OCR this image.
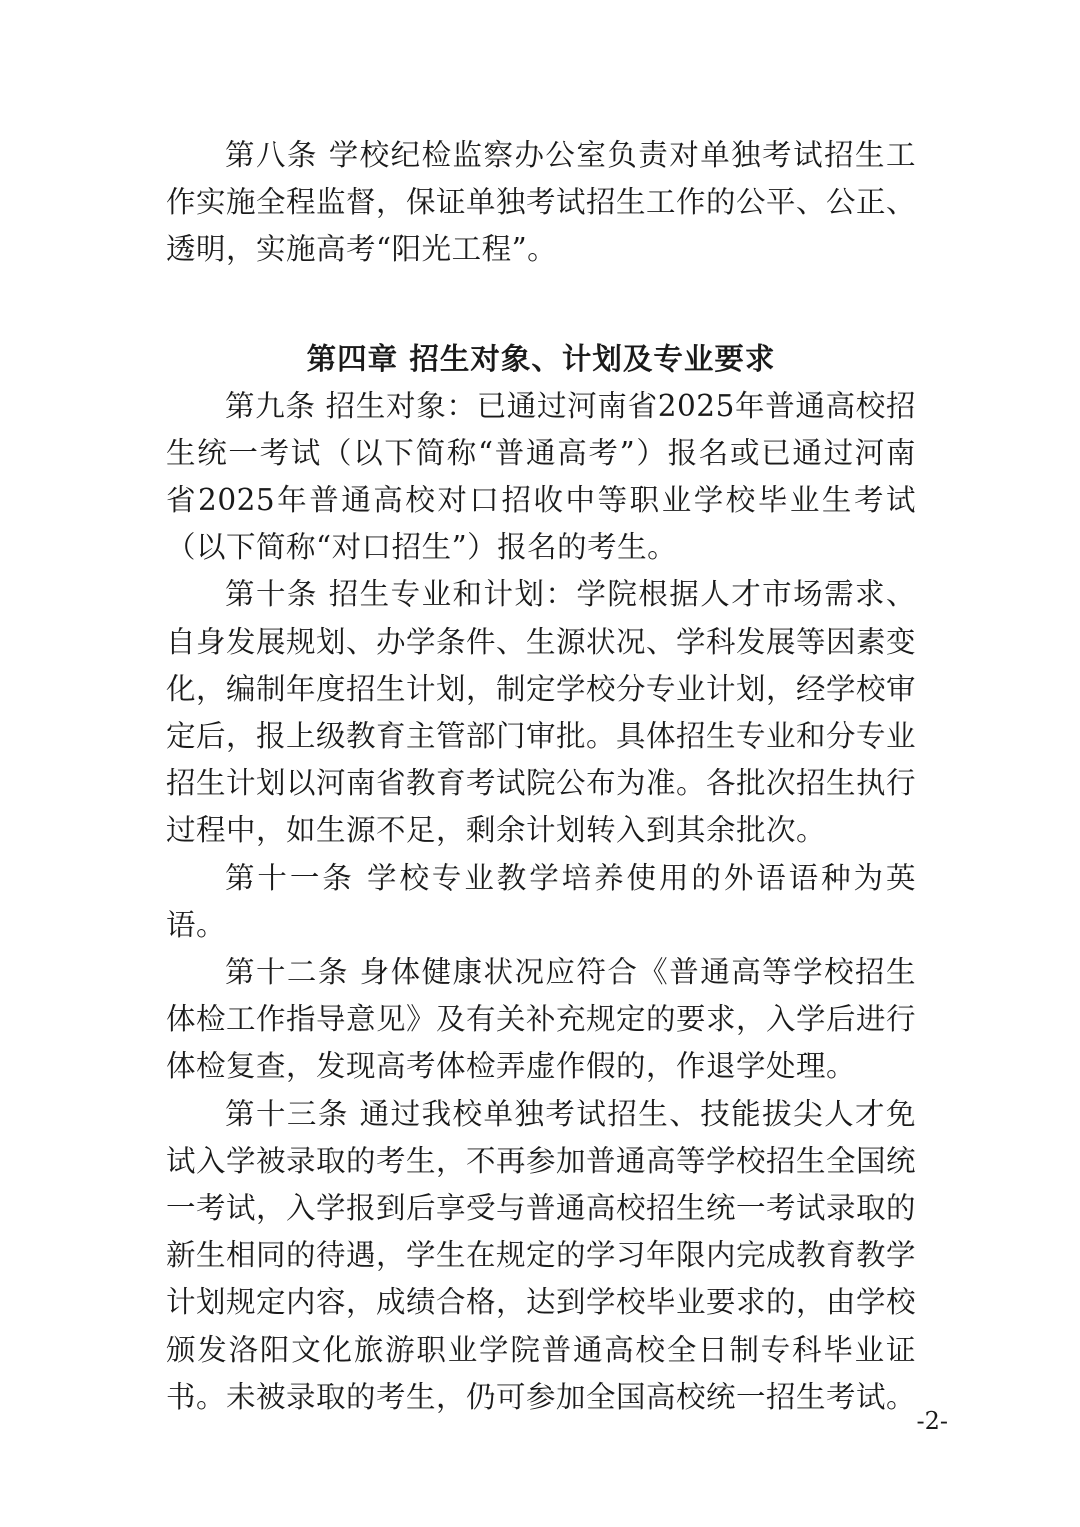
第八条 学校纪检监察办公室负责对单独考试招生工作实施全程监督，保证单独考试招生工作的公平、公正、透明，实施高考“阳光工程”。

第四章 招生对象、计划及专业要求

第九条 招生对象：已通过河南省2025年普通高校招生统一考试（以下简称“普通高考”）报名或已通过河南省2025年普通高校对口招收中等职业学校毕业生考试（以下简称“对口招生”）报名的考生。

第十条 招生专业和计划：学院根据人才市场需求、自身发展规划、办学条件、生源状况、学科发展等因素变化，编制年度招生计划，制定学校分专业计划，经学校审定后，报上级教育主管部门审批。具体招生专业和分专业招生计划以河南省教育考试院公布为准。各批次招生执行过程中，如生源不足，剩余计划转入到其余批次。

第十一条 学校专业教学培养使用的外语语种为英语。

第十二条 身体健康状况应符合《普通高等学校招生体检工作指导意见》及有关补充规定的要求，入学后进行体检复查，发现高考体检弄虚作假的，作退学处理。

第十三条 通过我校单独考试招生、技能拔尖人才免试入学被录取的考生，不再参加普通高等学校招生全国统一考试，入学报到后享受与普通高校招生统一考试录取的新生相同的待遇，学生在规定的学习年限内完成教育教学计划规定内容，成绩合格，达到学校毕业要求的，由学校颁发洛阳文化旅游职业学院普通高校全日制专科毕业证书。未被录取的考生，仍可参加全国高校统一招生考试。

-2-
